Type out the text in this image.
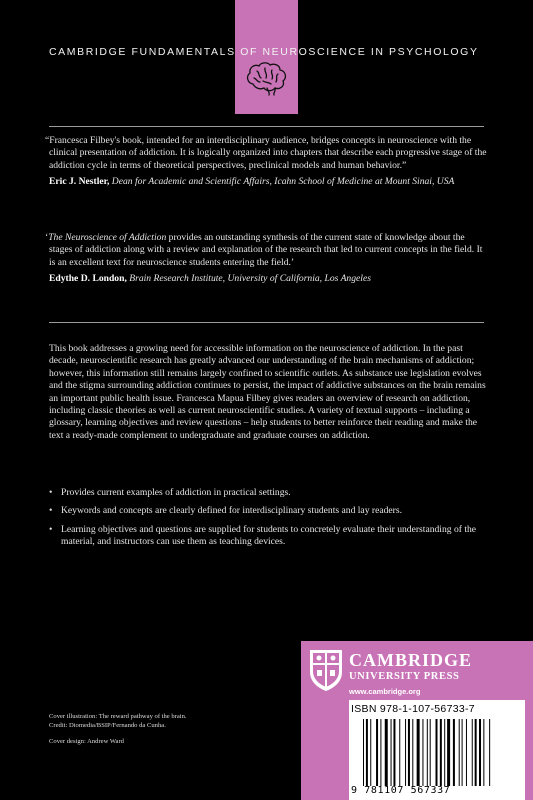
CAMBRIDGE FUNDAMENTALS OF NEUROSCIENCE IN PSYCHOLOGY

“Francesca Filbey's book, intended for an interdisciplinary audience, bridges concepts in neuroscience with the clinical presentation of addiction. It is logically organized into chapters that describe each progressive stage of the addiction cycle in terms of theoretical perspectives, preclinical models and human behavior.”

Eric J. Nestler, Dean for Academic and Scientific Affairs, Icahn School of Medicine at Mount Sinai, USA

‘The Neuroscience of Addiction provides an outstanding synthesis of the current state of knowledge about the stages of addiction along with a review and explanation of the research that led to current concepts in the field. It is an excellent text for neuroscience students entering the field.’

Edythe D. London, Brain Research Institute, University of California, Los Angeles

This book addresses a growing need for accessible information on the neuroscience of addiction. In the past decade, neuroscientific research has greatly advanced our understanding of the brain mechanisms of addiction; however, this information still remains largely confined to scientific outlets. As substance use legislation evolves and the stigma surrounding addiction continues to persist, the impact of addictive substances on the brain remains an important public health issue. Francesca Mapua Filbey gives readers an overview of research on addiction, including classic theories as well as current neuroscientific studies. A variety of textual supports – including a glossary, learning objectives and review questions – help students to better reinforce their reading and make the text a ready-made complement to undergraduate and graduate courses on addiction.

• Provides current examples of addiction in practical settings.
• Keywords and concepts are clearly defined for interdisciplinary students and lay readers.
• Learning objectives and questions are supplied for students to concretely evaluate their understanding of the material, and instructors can use them as teaching devices.

Cover illustration: The reward pathway of the brain.

Credit: Diomedia/BSIP/Fernando da Cunha.

Cover design: Andrew Ward

CAMBRIDGE
UNIVERSITY PRESS
www.cambridge.org
ISBN 978-1-107-56733-7
9 781107 567337
